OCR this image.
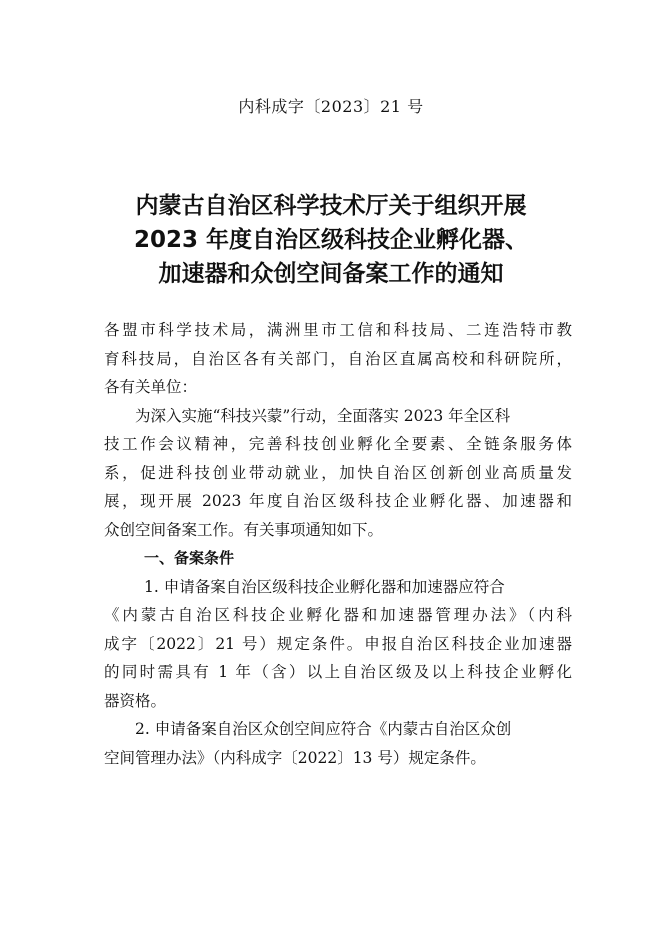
内科成字〔2023〕21 号
内蒙古自治区科学技术厅关于组织开展
2023 年度自治区级科技企业孵化器、
加速器和众创空间备案工作的通知
各盟市科学技术局，满洲里市工信和科技局、二连浩特市教
育科技局，自治区各有关部门，自治区直属高校和科研院所，
各有关单位：
为深入实施“科技兴蒙”行动，全面落实 2023 年全区科
技工作会议精神，完善科技创业孵化全要素、全链条服务体
系，促进科技创业带动就业，加快自治区创新创业高质量发
展，现开展 2023 年度自治区级科技企业孵化器、加速器和
众创空间备案工作。有关事项通知如下。
一、备案条件
1. 申请备案自治区级科技企业孵化器和加速器应符合
《内蒙古自治区科技企业孵化器和加速器管理办法》（内科
成字〔2022〕21 号）规定条件。申报自治区科技企业加速器
的同时需具有 1 年（含）以上自治区级及以上科技企业孵化
器资格。
2. 申请备案自治区众创空间应符合《内蒙古自治区众创
空间管理办法》（内科成字〔2022〕13 号）规定条件。
